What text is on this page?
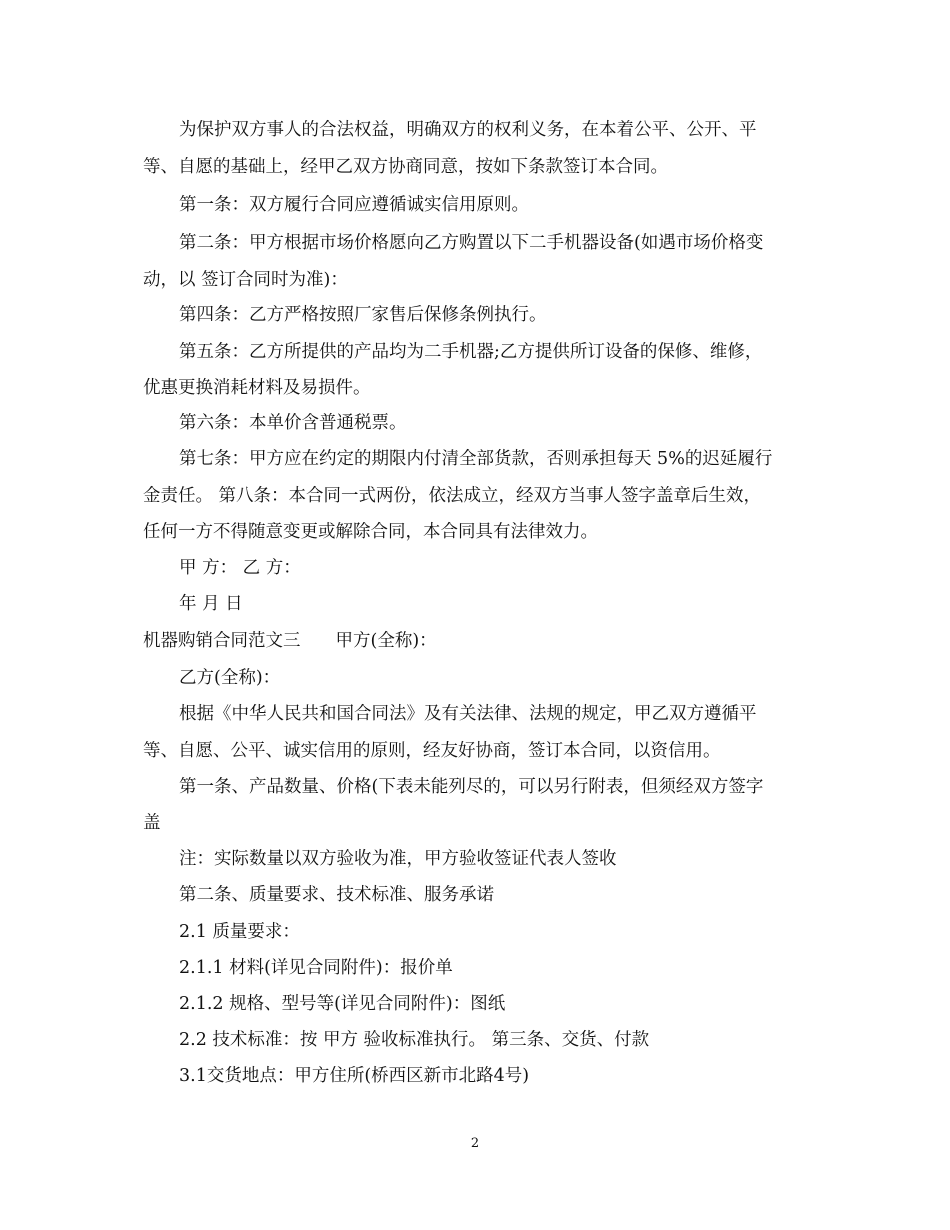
为保护双方事人的合法权益，明确双方的权利义务，在本着公平、公开、平
等、自愿的基础上，经甲乙双方协商同意，按如下条款签订本合同。
第一条：双方履行合同应遵循诚实信用原则。
第二条：甲方根据市场价格愿向乙方购置以下二手机器设备(如遇市场价格变
动，以 签订合同时为准)：
第四条：乙方严格按照厂家售后保修条例执行。
第五条：乙方所提供的产品均为二手机器;乙方提供所订设备的保修、维修，
优惠更换消耗材料及易损件。
第六条：本单价含普通税票。
第七条：甲方应在约定的期限内付清全部货款，否则承担每天 5%的迟延履行
金责任。 第八条：本合同一式两份，依法成立，经双方当事人签字盖章后生效，
任何一方不得随意变更或解除合同，本合同具有法律效力。
甲 方： 乙 方：
年 月 日
机器购销合同范文三　　甲方(全称)：
乙方(全称)：
根据《中华人民共和国合同法》及有关法律、法规的规定，甲乙双方遵循平
等、自愿、公平、诚实信用的原则，经友好协商，签订本合同，以资信用。
第一条、产品数量、价格(下表未能列尽的，可以另行附表，但须经双方签字
盖
注：实际数量以双方验收为准，甲方验收签证代表人签收
第二条、质量要求、技术标准、服务承诺
2.1 质量要求：
2.1.1 材料(详见合同附件)：报价单
2.1.2 规格、型号等(详见合同附件)：图纸
2.2 技术标准：按 甲方 验收标准执行。 第三条、交货、付款
3.1交货地点：甲方住所(桥西区新市北路4号)
2
